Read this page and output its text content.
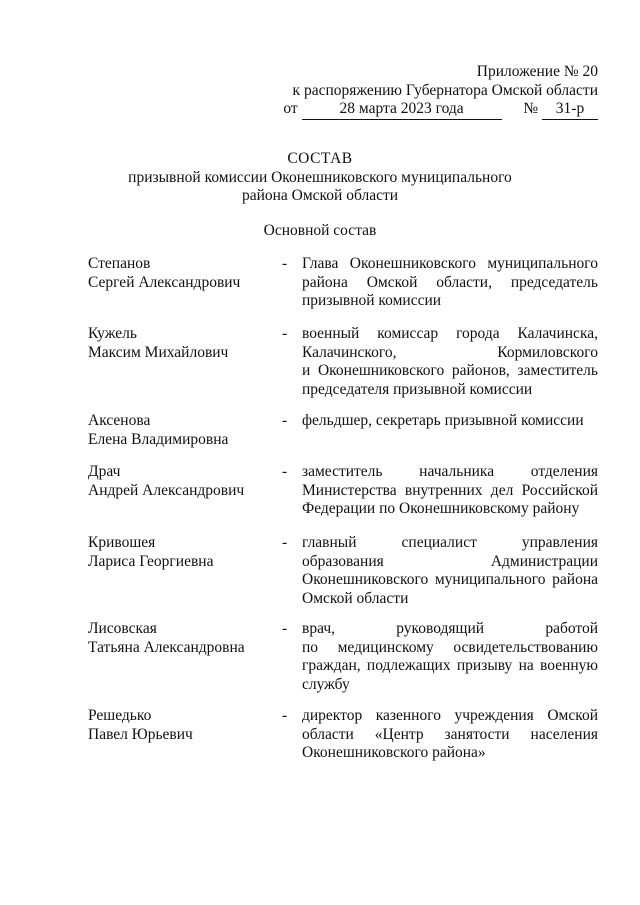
Приложение № 20
к распоряжению Губернатора Омской области
от	28 марта 2023 года	№ 31-р
СОСТАВ
призывной комиссии Оконешниковского муниципального
района Омской области
Основной состав
Степанов
Сергей Александрович
- Глава Оконешниковского муниципального
района Омской области, председатель
призывной комиссии
Кужель
Максим Михайлович
- военный комиссар города Калачинска,
Калачинского, Кормиловского
и Оконешниковского районов, заместитель
председателя призывной комиссии
Аксенова
Елена Владимировна
- фельдшер, секретарь призывной комиссии
Драч
Андрей Александрович
- заместитель начальника отделения
Министерства внутренних дел Российской
Федерации по Оконешниковскому району
Кривошея
Лариса Георгиевна
- главный специалист управления
образования Администрации
Оконешниковского муниципального района
Омской области
Лисовская
Татьяна Александровна
- врач, руководящий работой
по медицинскому освидетельствованию
граждан, подлежащих призыву на военную
службу
Решедько
Павел Юрьевич
- директор казенного учреждения Омской
области «Центр занятости населения
Оконешниковского района»
